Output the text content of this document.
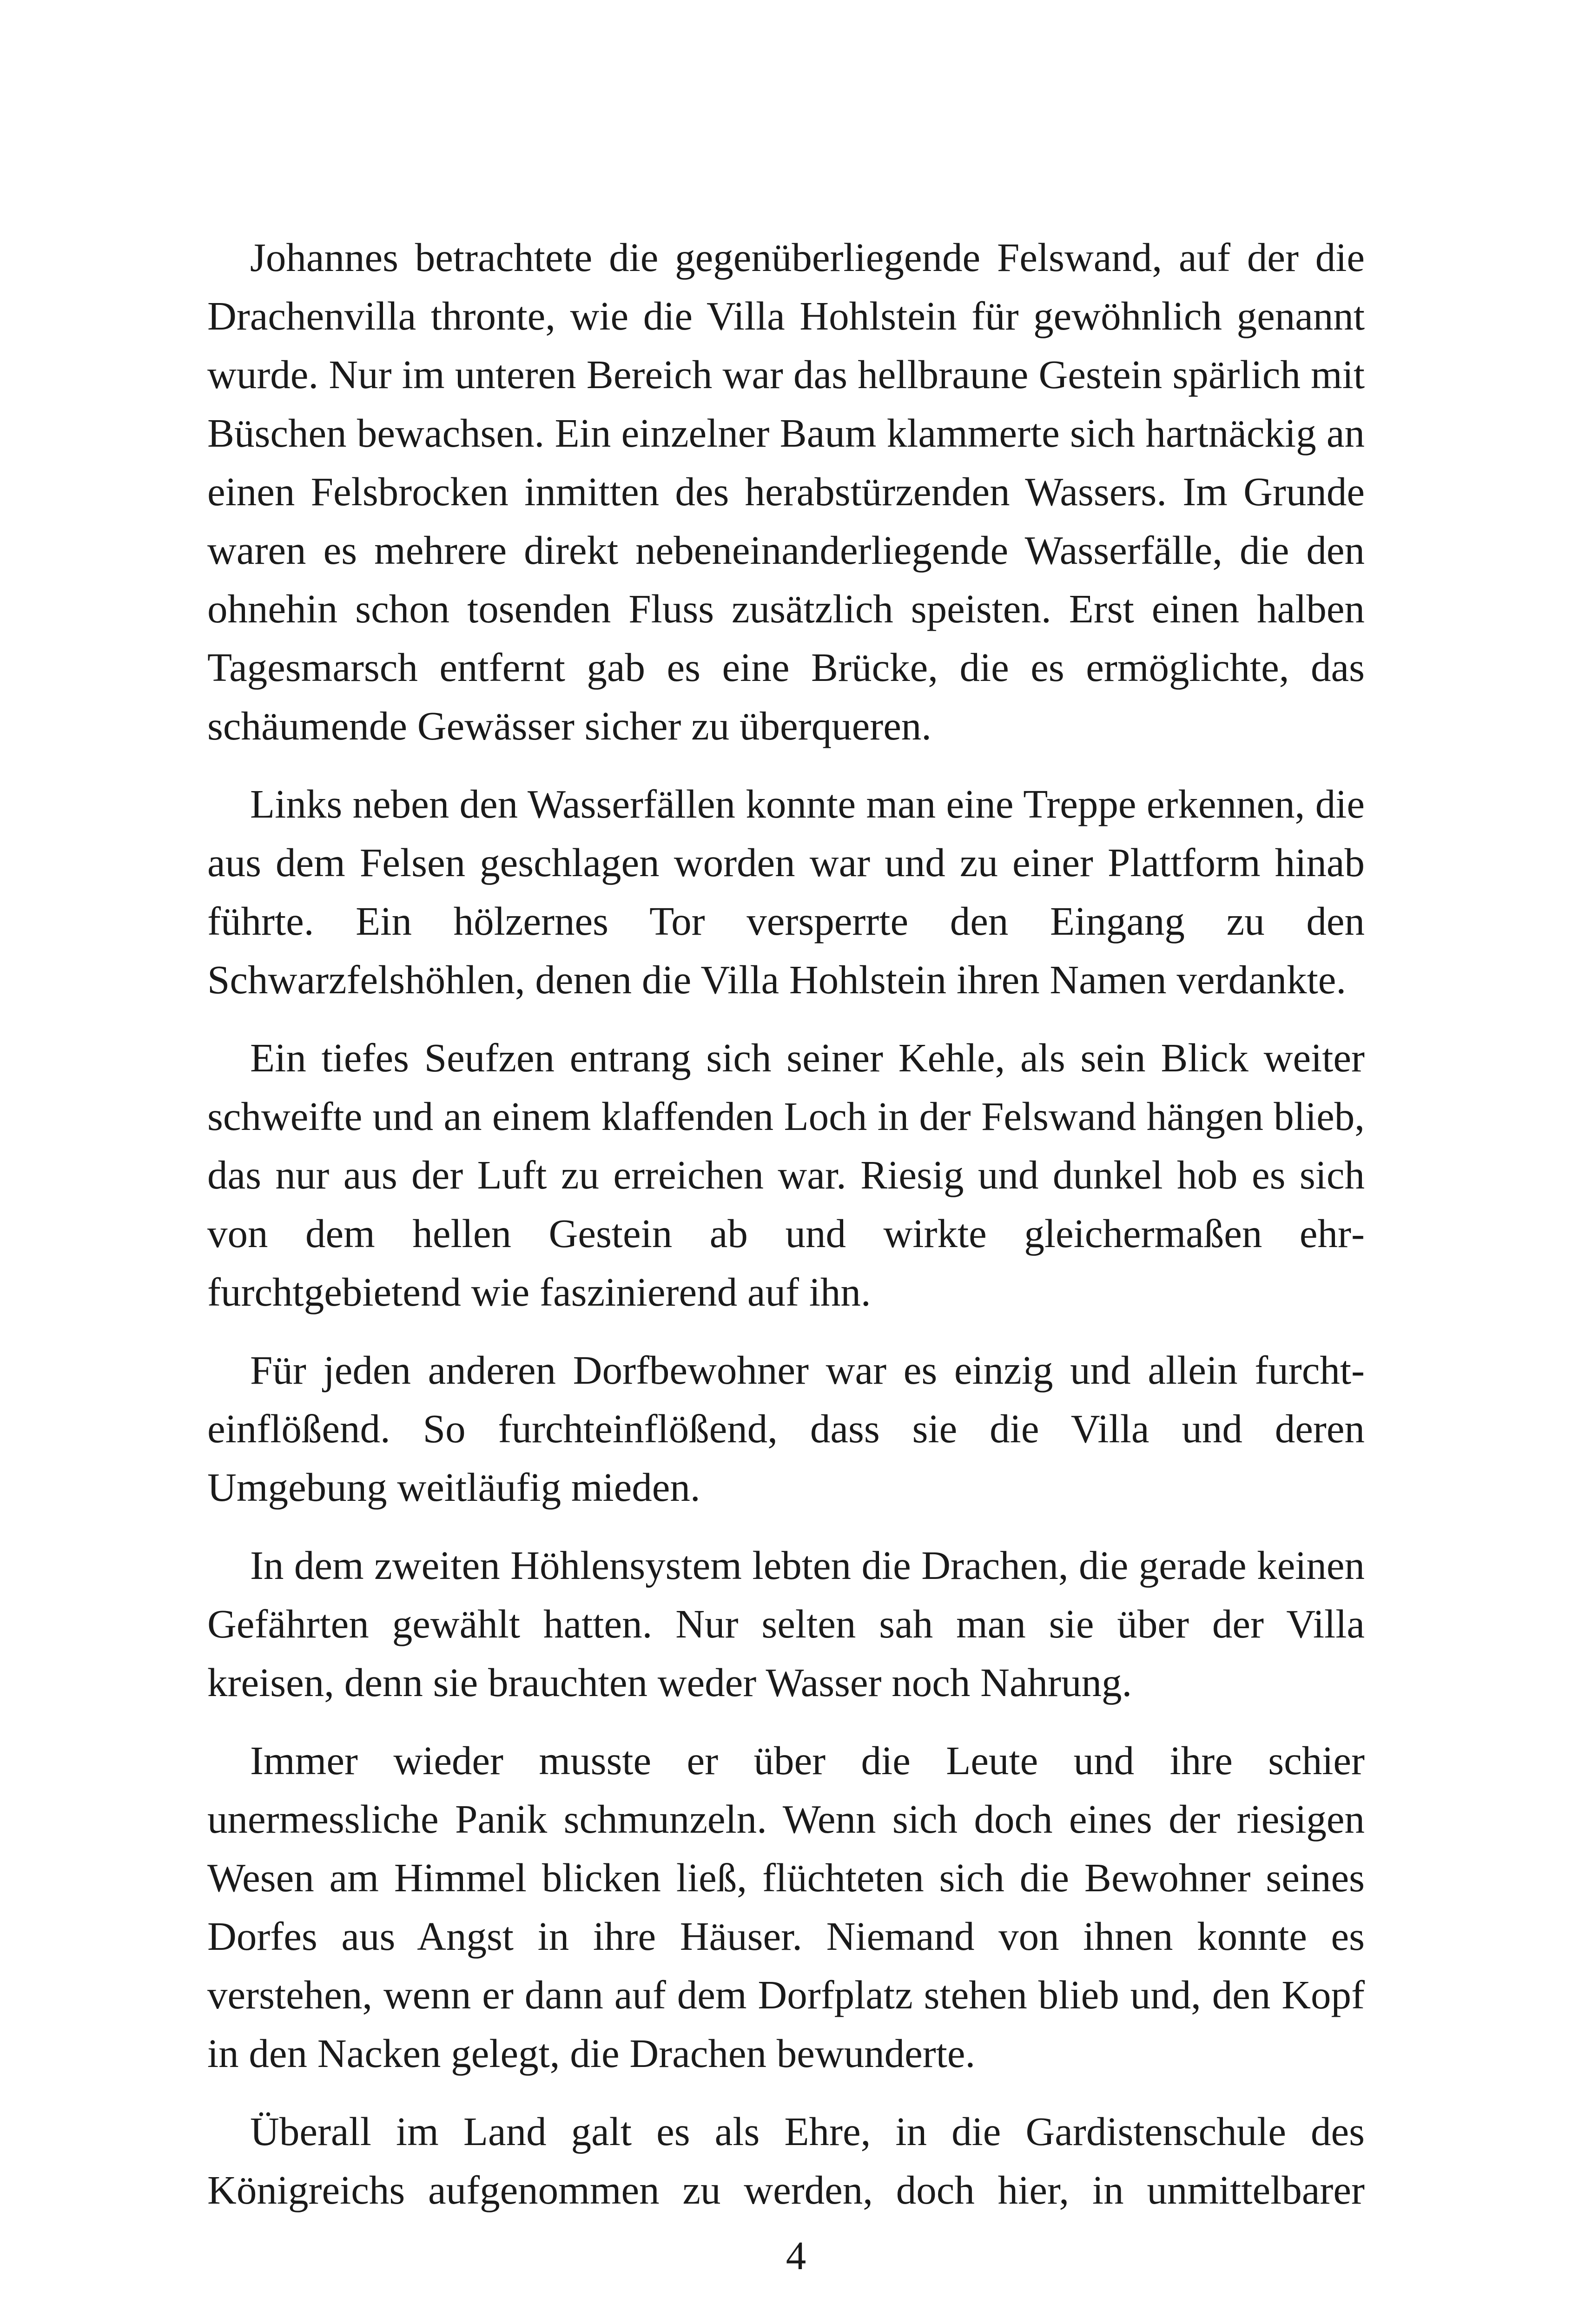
Johannes betrachtete die gegenüberliegende Felswand, auf der die Drachenvilla thronte, wie die Villa Hohlstein für gewöhnlich genannt wurde. Nur im unteren Bereich war das hellbraune Gestein spärlich mit Büschen bewachsen. Ein einzelner Baum klammerte sich hartnäckig an einen Felsbrocken inmitten des herabstürzenden Wassers. Im Grunde waren es mehrere direkt nebeneinanderliegende Wasserfälle, die den ohnehin schon tosenden Fluss zusätzlich speisten. Erst einen halben Tagesmarsch entfernt gab es eine Brücke, die es ermöglichte, das schäumende Gewässer sicher zu überqueren.

Links neben den Wasserfällen konnte man eine Treppe erkennen, die aus dem Felsen geschlagen worden war und zu einer Plattform hinab führte. Ein hölzernes Tor versperrte den Eingang zu den Schwarzfelshöhlen, denen die Villa Hohlstein ihren Namen verdankte.

Ein tiefes Seufzen entrang sich seiner Kehle, als sein Blick weiter schweifte und an einem klaffenden Loch in der Felswand hängen blieb, das nur aus der Luft zu erreichen war. Riesig und dunkel hob es sich von dem hellen Gestein ab und wirkte gleichermaßen ehrfurchtgebietend wie faszinierend auf ihn.

Für jeden anderen Dorfbewohner war es einzig und allein furchteinflößend. So furchteinflößend, dass sie die Villa und deren Umgebung weitläufig mieden.

In dem zweiten Höhlensystem lebten die Drachen, die gerade keinen Gefährten gewählt hatten. Nur selten sah man sie über der Villa kreisen, denn sie brauchten weder Wasser noch Nahrung.

Immer wieder musste er über die Leute und ihre schier unermessliche Panik schmunzeln. Wenn sich doch eines der riesigen Wesen am Himmel blicken ließ, flüchteten sich die Bewohner seines Dorfes aus Angst in ihre Häuser. Niemand von ihnen konnte es verstehen, wenn er dann auf dem Dorfplatz stehen blieb und, den Kopf in den Nacken gelegt, die Drachen bewunderte.

Überall im Land galt es als Ehre, in die Gardistenschule des Königreichs aufgenommen zu werden, doch hier, in unmittelbarer

4
